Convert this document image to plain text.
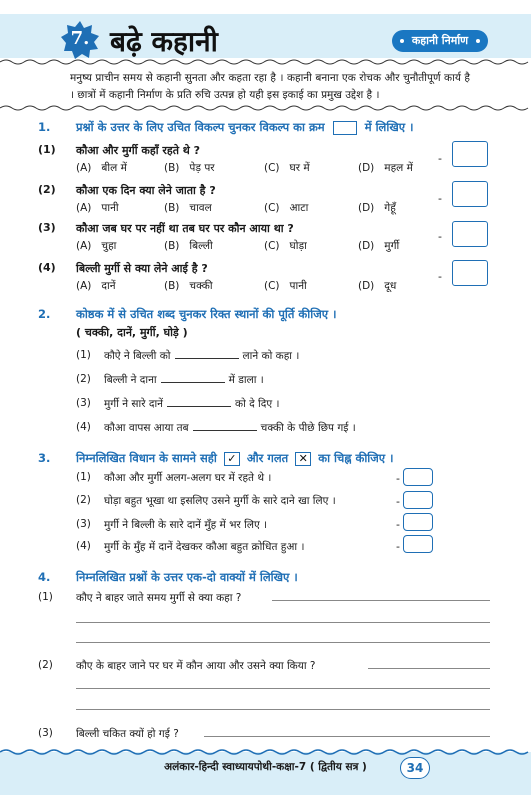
7. बढ़े कहानी	कहानी निर्माण
मनुष्य प्राचीन समय से कहानी सुनता और कहता रहा है । कहानी बनाना एक रोचक और चुनौतीपूर्ण कार्य है । छात्रों में कहानी निर्माण के प्रति रुचि उत्पन्न हो यही इस इकाई का प्रमुख उद्देश है ।
1. प्रश्नों के उत्तर के लिए उचित विकल्प चुनकर विकल्प का क्रम	में लिखिए ।
(1) कौआ और मुर्गी कहाँ रहते थे ?
(A) बील में	(B) पेड़ पर	(C) घर में	(D) महल में
-
(2) कौआ एक दिन क्या लेने जाता है ?
(A) पानी	(B) चावल	(C) आटा	(D) गेहूँ
-
(3) कौआ जब घर पर नहीं था तब घर पर कौन आया था ?
(A) चुहा	(B) बिल्ली	(C) घोड़ा	(D) मुर्गी
-
(4) बिल्ली मुर्गी से क्या लेने आई है ?
(A) दानें	(B) चक्की	(C) पानी	(D) दूध
-
2. कोष्ठक में से उचित शब्द चुनकर रिक्त स्थानों की पूर्ति कीजिए ।
( चक्की, दानें, मुर्गी, घोड़े )
(1) कौऐ ने बिल्ली को	लाने को कहा ।
(2) बिल्ली ने दाना	में डाला ।
(3) मुर्गी ने सारे दानें	को दे दिए ।
(4) कौआ वापस आया तब	चक्की के पीछे छिप गई ।
3. निम्नलिखित विधान के सामने सही ✓ और गलत ✕ का चिह्न कीजिए ।
(1) कौआ और मुर्गी अलग-अलग घर में रहते थे ।	-
(2) घोड़ा बहुत भूखा था इसलिए उसने मुर्गी के सारे दाने खा लिए ।	-
(3) मुर्गी ने बिल्ली के सारे दानें मुँह में भर लिए ।	-
(4) मुर्गी के मुँह में दानें देखकर कौआ बहुत क्रोधित हुआ ।	-
4. निम्नलिखित प्रश्नों के उत्तर एक-दो वाक्यों में लिखिए ।
(1) कौए ने बाहर जाते समय मुर्गी से क्या कहा ?
(2) कौए के बाहर जाने पर घर में कौन आया और उसने क्या किया ?
(3) बिल्ली चकित क्यों हो गई ?
अलंकार-हिन्दी स्वाध्यायपोथी-कक्षा-7 ( द्वितीय सत्र )	34
